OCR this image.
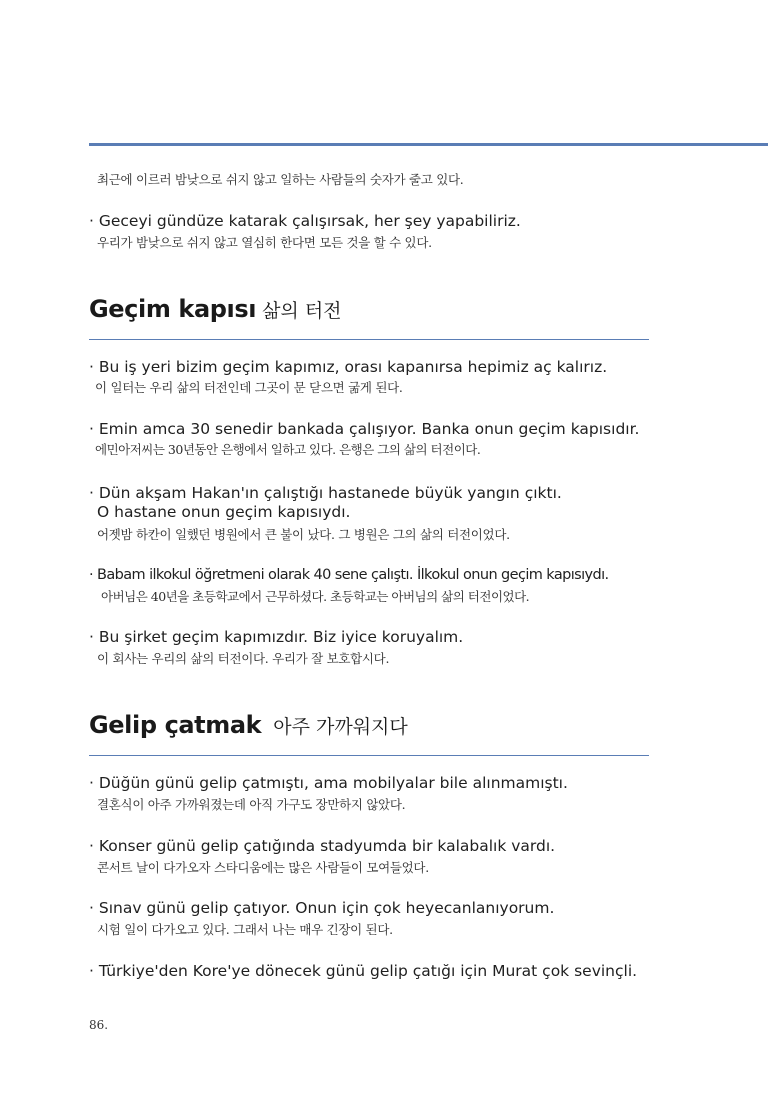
최근에 이르러 밤낮으로 쉬지 않고 일하는 사람들의 숫자가 줄고 있다.
· Geceyi gündüze katarak çalışırsak, her şey yapabiliriz.
우리가 밤낮으로 쉬지 않고 열심히 한다면 모든 것을 할 수 있다.
Geçim kapısı 삶의 터전
· Bu iş yeri bizim geçim kapımız, orası kapanırsa hepimiz aç kalırız.
이 일터는 우리 삶의 터전인데 그곳이 문 닫으면 굶게 된다.
· Emin amca 30 senedir bankada çalışıyor. Banka onun geçim kapısıdır.
에민아저씨는 30년동안 은행에서 일하고 있다. 은행은 그의 삶의 터전이다.
· Dün akşam Hakan'ın çalıştığı hastanede büyük yangın çıktı.
O hastane onun geçim kapısıydı.
어젯밤 하칸이 일했던 병원에서 큰 불이 났다. 그 병원은 그의 삶의 터전이었다.
· Babam ilkokul öğretmeni olarak 40 sene çalıştı. İlkokul onun geçim kapısıydı.
아버님은 40년을 초등학교에서 근무하셨다. 초등학교는 아버님의 삶의 터전이었다.
· Bu şirket geçim kapımızdır. Biz iyice koruyalım.
이 회사는 우리의 삶의 터전이다. 우리가 잘 보호합시다.
Gelip çatmak 아주 가까워지다
· Düğün günü gelip çatmıştı, ama mobilyalar bile alınmamıştı.
결혼식이 아주 가까워졌는데 아직 가구도 장만하지 않았다.
· Konser günü gelip çatığında stadyumda bir kalabalık vardı.
콘서트 날이 다가오자 스타디움에는 많은 사람들이 모여들었다.
· Sınav günü gelip çatıyor. Onun için çok heyecanlanıyorum.
시험 일이 다가오고 있다. 그래서 나는 매우 긴장이 된다.
· Türkiye'den Kore'ye dönecek günü gelip çatığı için Murat çok sevinçli.
86.
